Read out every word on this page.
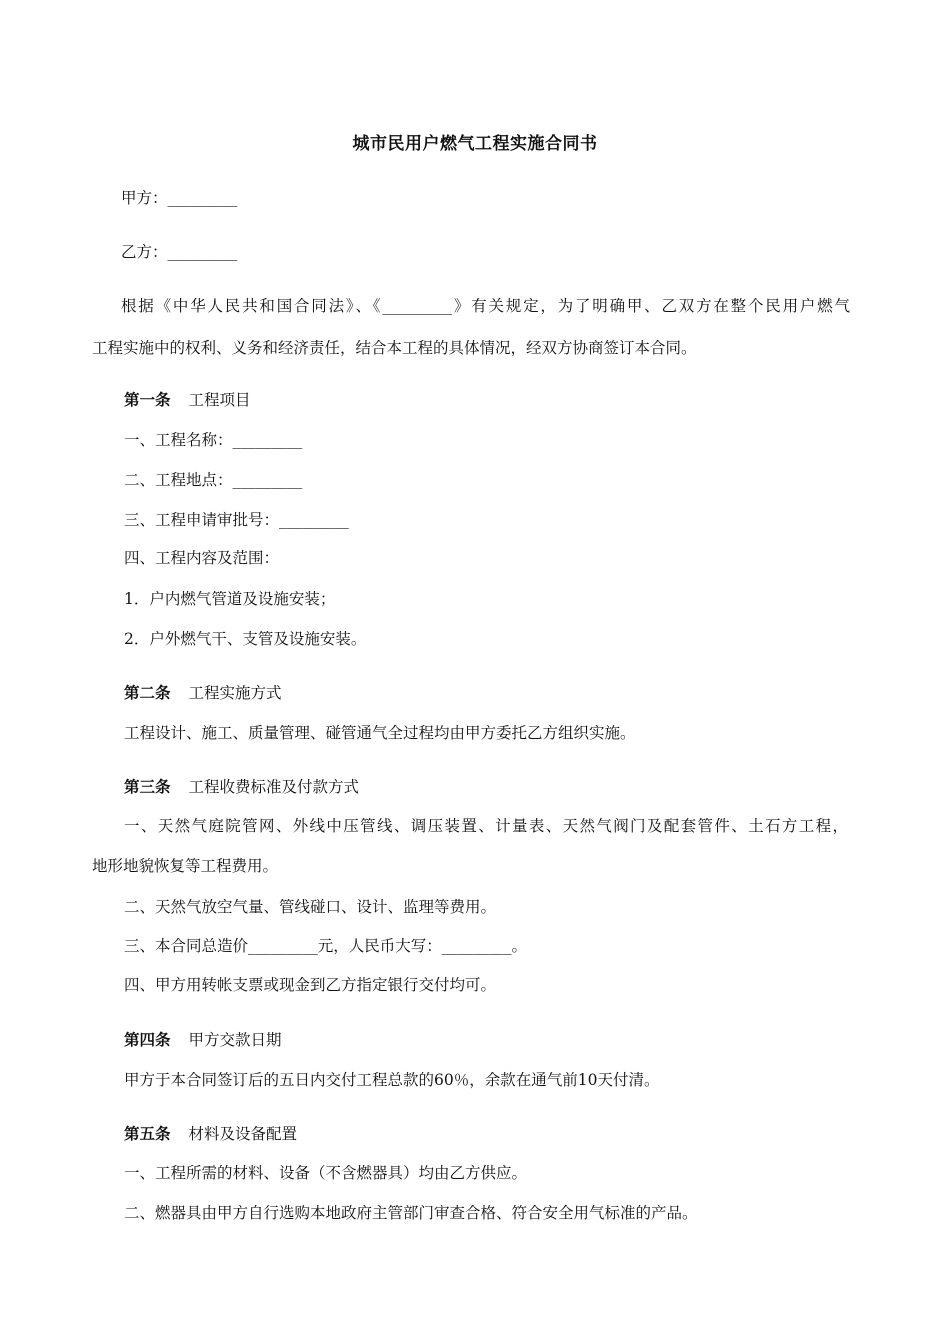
城市民用户燃气工程实施合同书
甲方：_________
乙方：_________
根据《中华人民共和国合同法》、《_________》有关规定，为了明确甲、乙双方在整个民用户燃气
工程实施中的权利、义务和经济责任，结合本工程的具体情况，经双方协商签订本合同。
第一条 工程项目
一、工程名称：_________
二、工程地点：_________
三、工程申请审批号：_________
四、工程内容及范围：
1．户内燃气管道及设施安装；
2．户外燃气干、支管及设施安装。
第二条 工程实施方式
工程设计、施工、质量管理、碰管通气全过程均由甲方委托乙方组织实施。
第三条 工程收费标准及付款方式
一、天然气庭院管网、外线中压管线、调压装置、计量表、天然气阀门及配套管件、土石方工程，
地形地貌恢复等工程费用。
二、天然气放空气量、管线碰口、设计、监理等费用。
三、本合同总造价_________元，人民币大写：_________。
四、甲方用转帐支票或现金到乙方指定银行交付均可。
第四条 甲方交款日期
甲方于本合同签订后的五日内交付工程总款的60％，余款在通气前10天付清。
第五条 材料及设备配置
一、工程所需的材料、设备（不含燃器具）均由乙方供应。
二、燃器具由甲方自行选购本地政府主管部门审查合格、符合安全用气标准的产品。
